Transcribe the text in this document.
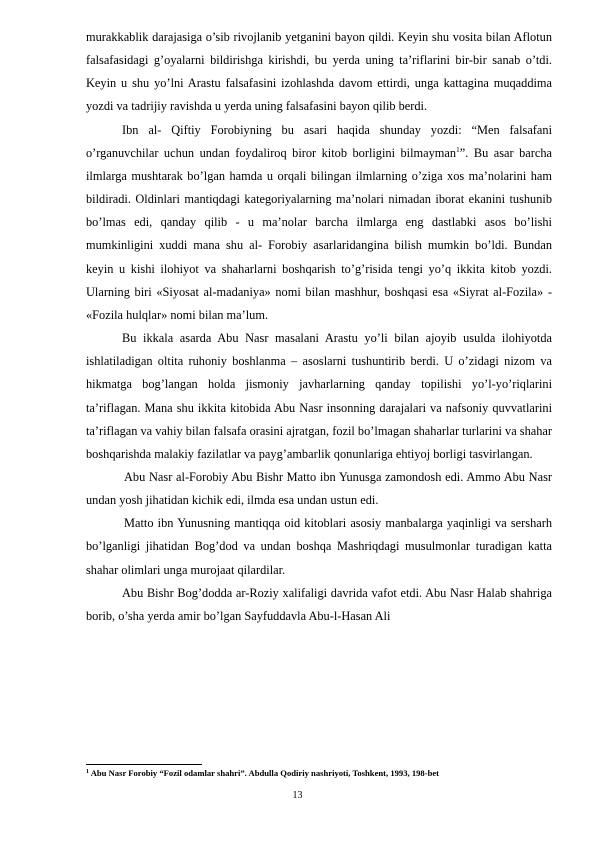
murakkablik darajasiga o’sib rivojlanib yetganini bayon qildi. Keyin shu vosita bilan Aflotun falsafasidagi g’oyalarni bildirishga kirishdi, bu yerda uning ta’riflarini bir-bir sanab o’tdi. Keyin u shu yo’lni Arastu falsafasini izohlashda davom ettirdi, unga kattagina muqaddima yozdi va tadrijiy ravishda u yerda uning falsafasini bayon qilib berdi.

Ibn al- Qiftiy Forobiyning bu asari haqida shunday yozdi: “Men falsafani o’rganuvchilar uchun undan foydaliroq biror kitob borligini bilmayman$^1$”. Bu asar barcha ilmlarga mushtarak bo’lgan hamda u orqali bilingan ilmlarning o’ziga xos ma’nolarini ham bildiradi. Oldinlari mantiqdagi kategoriyalarning ma’nolari nimadan iborat ekanini tushunib bo’lmas edi, qanday qilib - u ma’nolar barcha ilmlarga eng dastlabki asos bo’lishi mumkinligini xuddi mana shu al- Forobiy asarlaridangina bilish mumkin bo’ldi. Bundan keyin u kishi ilohiyot va shaharlarni boshqarish to’g’risida tengi yo’q ikkita kitob yozdi. Ularning biri «Siyosat al-madaniya» nomi bilan mashhur, boshqasi esa «Siyrat al-Fozila» - «Fozila hulqlar» nomi bilan ma’lum.

Bu ikkala asarda Abu Nasr masalani Arastu yo’li bilan ajoyib usulda ilohiyotda ishlatiladigan oltita ruhoniy boshlanma – asoslarni tushuntirib berdi. U o’zidagi nizom va hikmatga bog’langan holda jismoniy javharlarning qanday topilishi yo’l-yo’riqlarini ta’riflagan. Mana shu ikkita kitobida Abu Nasr insonning darajalari va nafsoniy quvvatlarini ta’riflagan va vahiy bilan falsafa orasini ajratgan, fozil bo’lmagan shaharlar turlarini va shahar boshqarishda malakiy fazilatlar va payg’ambarlik qonunlariga ehtiyoj borligi tasvirlangan.

Abu Nasr al-Forobiy Abu Bishr Matto ibn Yunusga zamondosh edi. Ammo Abu Nasr undan yosh jihatidan kichik edi, ilmda esa undan ustun edi.

Matto ibn Yunusning mantiqqa oid kitoblari asosiy manbalarga yaqinligi va sersharh bo’lganligi jihatidan Bog’dod va undan boshqa Mashriqdagi musulmonlar turadigan katta shahar olimlari unga murojaat qilardilar.

Abu Bishr Bog’dodda ar-Roziy xalifaligi davrida vafot etdi. Abu Nasr Halab shahriga borib, o’sha yerda amir bo’lgan Sayfuddavla Abu-l-Hasan Ali

$^1$ Abu Nasr Forobiy “Fozil odamlar shahri”. Abdulla Qodiriy nashriyoti, Toshkent, 1993, 198-bet
13
